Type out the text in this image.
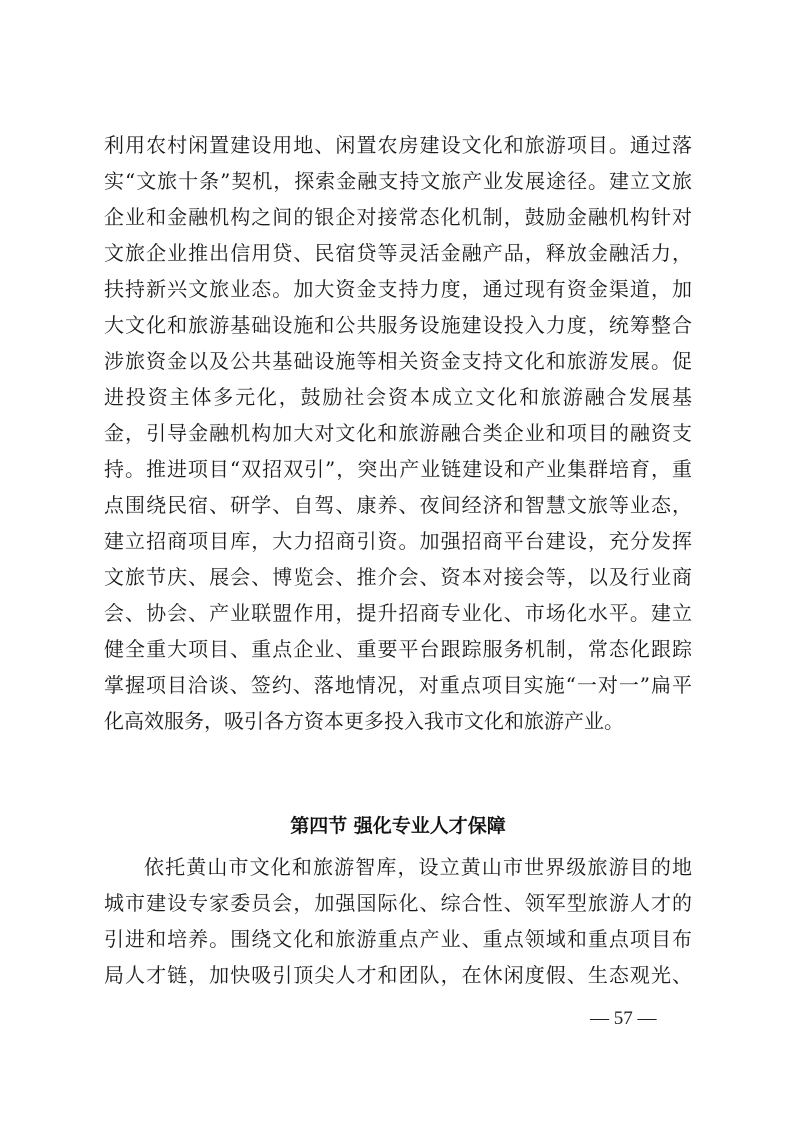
利用农村闲置建设用地、闲置农房建设文化和旅游项目。通过落
实“文旅十条”契机，探索金融支持文旅产业发展途径。建立文旅
企业和金融机构之间的银企对接常态化机制，鼓励金融机构针对
文旅企业推出信用贷、民宿贷等灵活金融产品，释放金融活力，
扶持新兴文旅业态。加大资金支持力度，通过现有资金渠道，加
大文化和旅游基础设施和公共服务设施建设投入力度，统筹整合
涉旅资金以及公共基础设施等相关资金支持文化和旅游发展。促
进投资主体多元化，鼓励社会资本成立文化和旅游融合发展基
金，引导金融机构加大对文化和旅游融合类企业和项目的融资支
持。推进项目“双招双引”，突出产业链建设和产业集群培育，重
点围绕民宿、研学、自驾、康养、夜间经济和智慧文旅等业态，
建立招商项目库，大力招商引资。加强招商平台建设，充分发挥
文旅节庆、展会、博览会、推介会、资本对接会等，以及行业商
会、协会、产业联盟作用，提升招商专业化、市场化水平。建立
健全重大项目、重点企业、重要平台跟踪服务机制，常态化跟踪
掌握项目洽谈、签约、落地情况，对重点项目实施“一对一”扁平
化高效服务，吸引各方资本更多投入我市文化和旅游产业。
第四节 强化专业人才保障
依托黄山市文化和旅游智库，设立黄山市世界级旅游目的地
城市建设专家委员会，加强国际化、综合性、领军型旅游人才的
引进和培养。围绕文化和旅游重点产业、重点领域和重点项目布
局人才链，加快吸引顶尖人才和团队，在休闲度假、生态观光、
— 57 —
